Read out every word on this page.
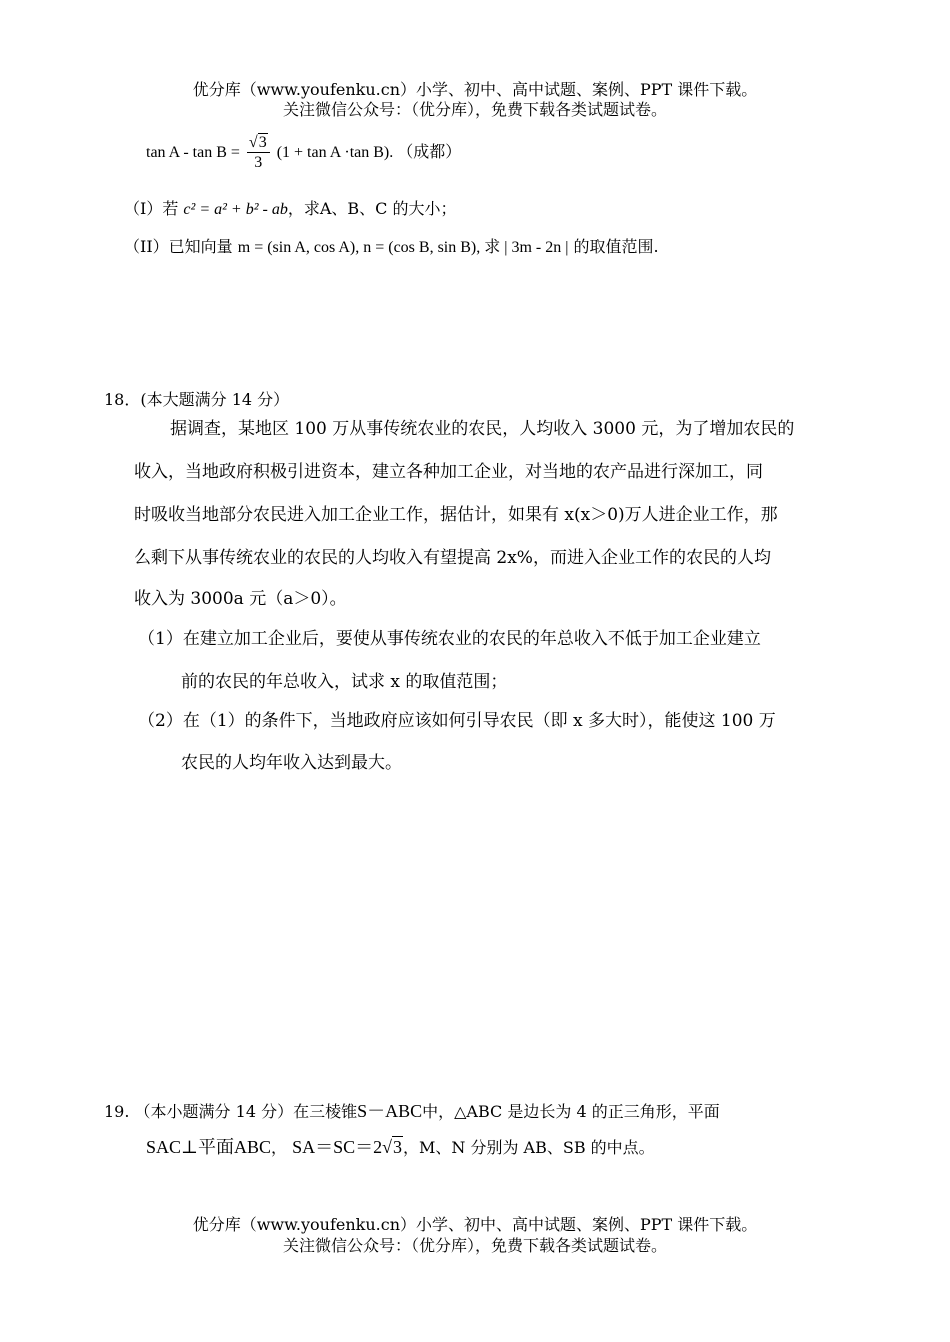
优分库（www.youfenku.cn）小学、初中、高中试题、案例、PPT 课件下载。
关注微信公众号：（优分库），免费下载各类试题试卷。
$\tan A - \tan B = \frac{√3}{3} (1 + \tan A \cdot\tan$ B). （成都）
（I）若 c² = a² + b² - ab，求A、B、C 的大小；
（II）已知向量 m = (sin A, cos A), n = (cos B, sin B), 求 | 3m - 2n | 的取值范围.
18．(本大题满分 14 分）
据调查，某地区 100 万从事传统农业的农民，人均收入 3000 元，为了增加农民的
收入，当地政府积极引进资本，建立各种加工企业，对当地的农产品进行深加工，同
时吸收当地部分农民进入加工企业工作，据估计，如果有 x(x＞0)万人进企业工作，那
么剩下从事传统农业的农民的人均收入有望提高 2x%，而进入企业工作的农民的人均
收入为 3000a 元（a＞0）。
（1）在建立加工企业后，要使从事传统农业的农民的年总收入不低于加工企业建立
前的农民的年总收入，试求 x 的取值范围；
（2）在（1）的条件下，当地政府应该如何引导农民（即 x 多大时），能使这 100 万
农民的人均年收入达到最大。
19. （本小题满分 14 分）在三棱锥S－ABC中，△ABC 是边长为 4 的正三角形，平面
SAC⊥平面ABC， SA＝SC＝2√3，M、N 分别为 AB、SB 的中点。
优分库（www.youfenku.cn）小学、初中、高中试题、案例、PPT 课件下载。
关注微信公众号：（优分库），免费下载各类试题试卷。
